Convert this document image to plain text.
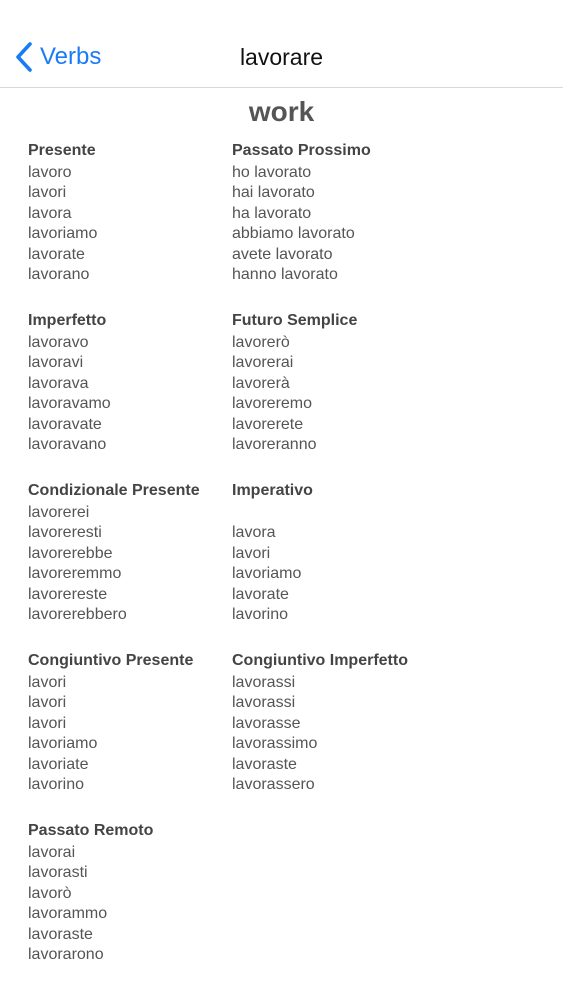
Verbs	lavorare
work
Presente
lavoro
lavori
lavora
lavoriamo
lavorate
lavorano
Passato Prossimo
ho lavorato
hai lavorato
ha lavorato
abbiamo lavorato
avete lavorato
hanno lavorato
Imperfetto
lavoravo
lavoravi
lavorava
lavoravamo
lavoravate
lavoravano
Futuro Semplice
lavorerò
lavorerai
lavorerà
lavoreremo
lavorerete
lavoreranno
Condizionale Presente
lavorerei
lavoreresti
lavorerebbe
lavoreremmo
lavorereste
lavorerebbero
Imperativo
lavora
lavori
lavoriamo
lavorate
lavorino
Congiuntivo Presente
lavori
lavori
lavori
lavoriamo
lavoriate
lavorino
Congiuntivo Imperfetto
lavorassi
lavorassi
lavorasse
lavorassimo
lavoraste
lavorassero
Passato Remoto
lavorai
lavorasti
lavorò
lavorammo
lavoraste
lavorarono
